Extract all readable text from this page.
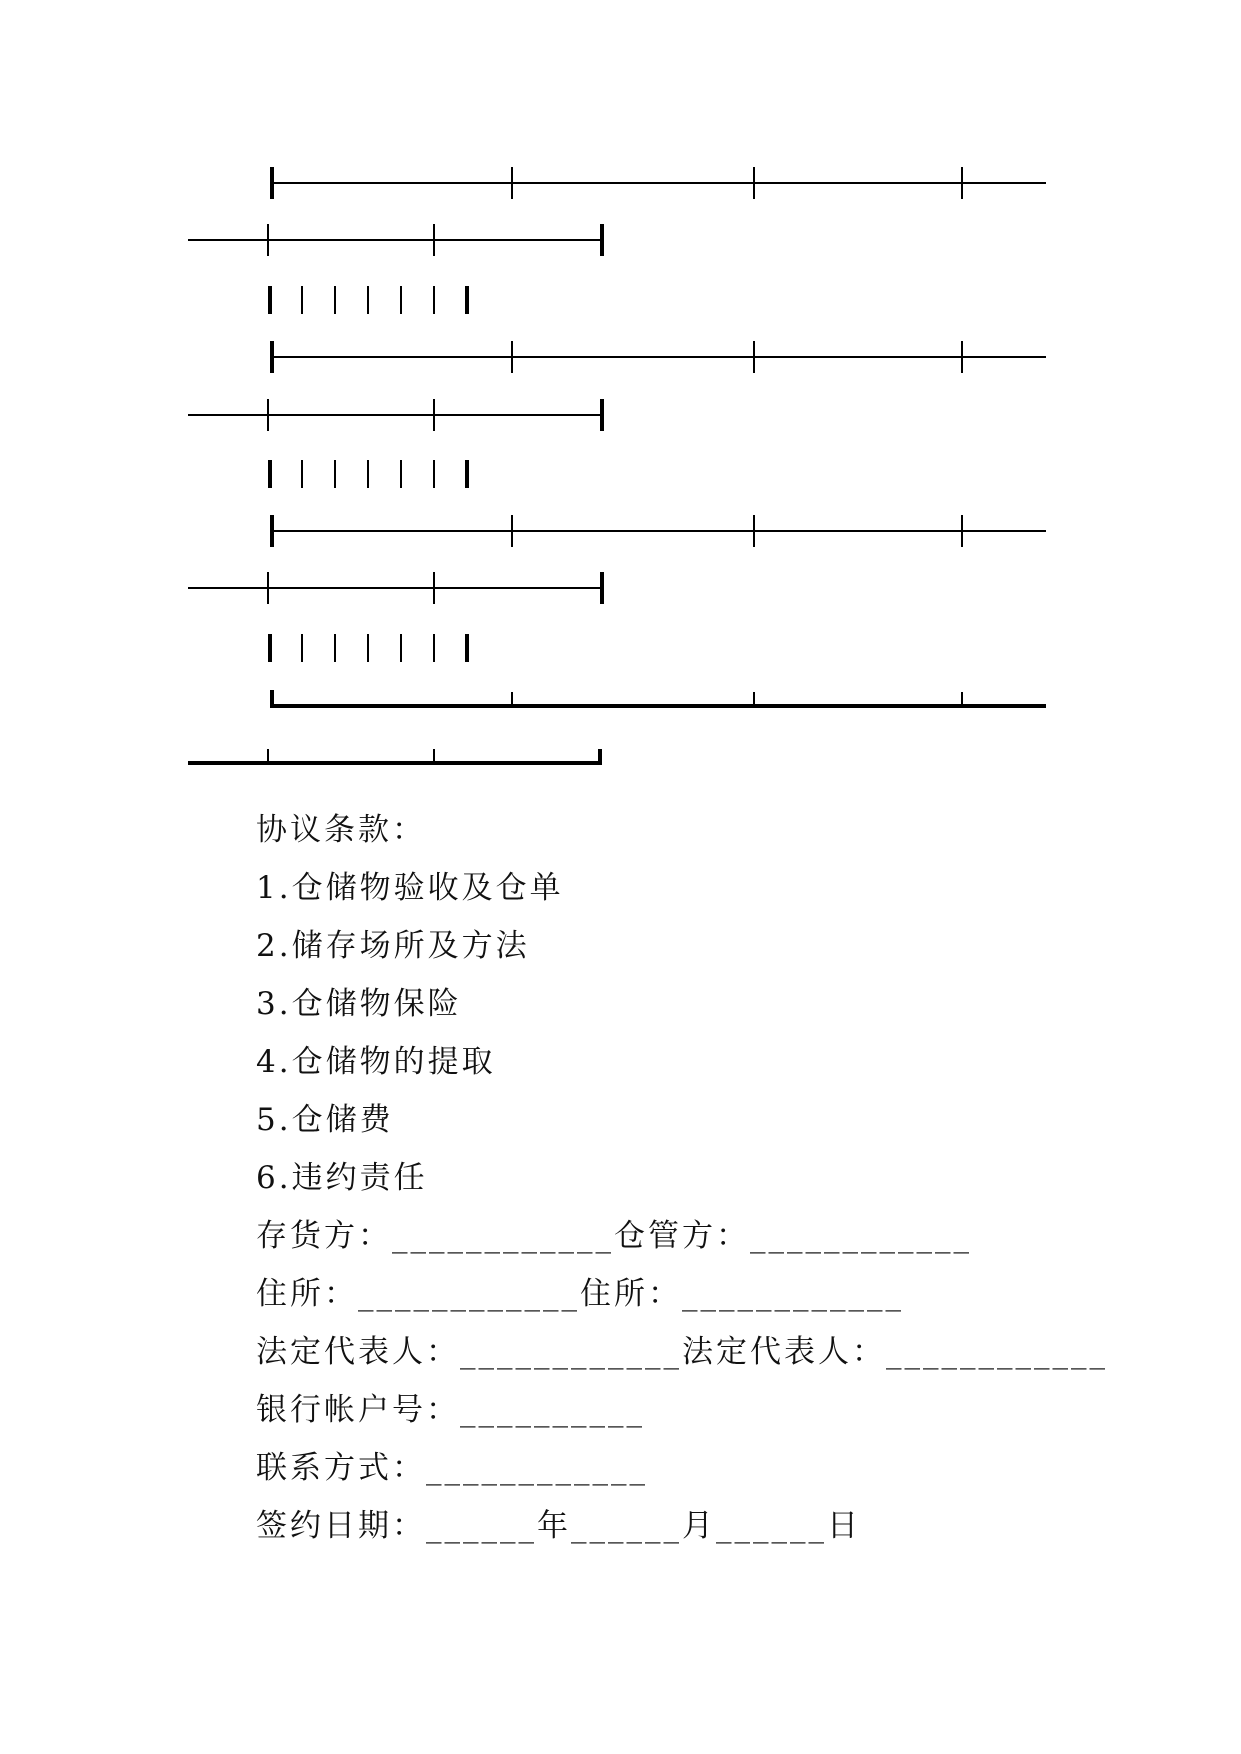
协议条款：

1.仓储物验收及仓单

2.储存场所及方法

3.仓储物保险

4.仓储物的提取

5.仓储费

6.违约责任

存货方：____________仓管方：____________

住所：____________住所：____________

法定代表人：____________法定代表人：____________

银行帐户号：__________

联系方式：____________

签约日期：______年______月______日
